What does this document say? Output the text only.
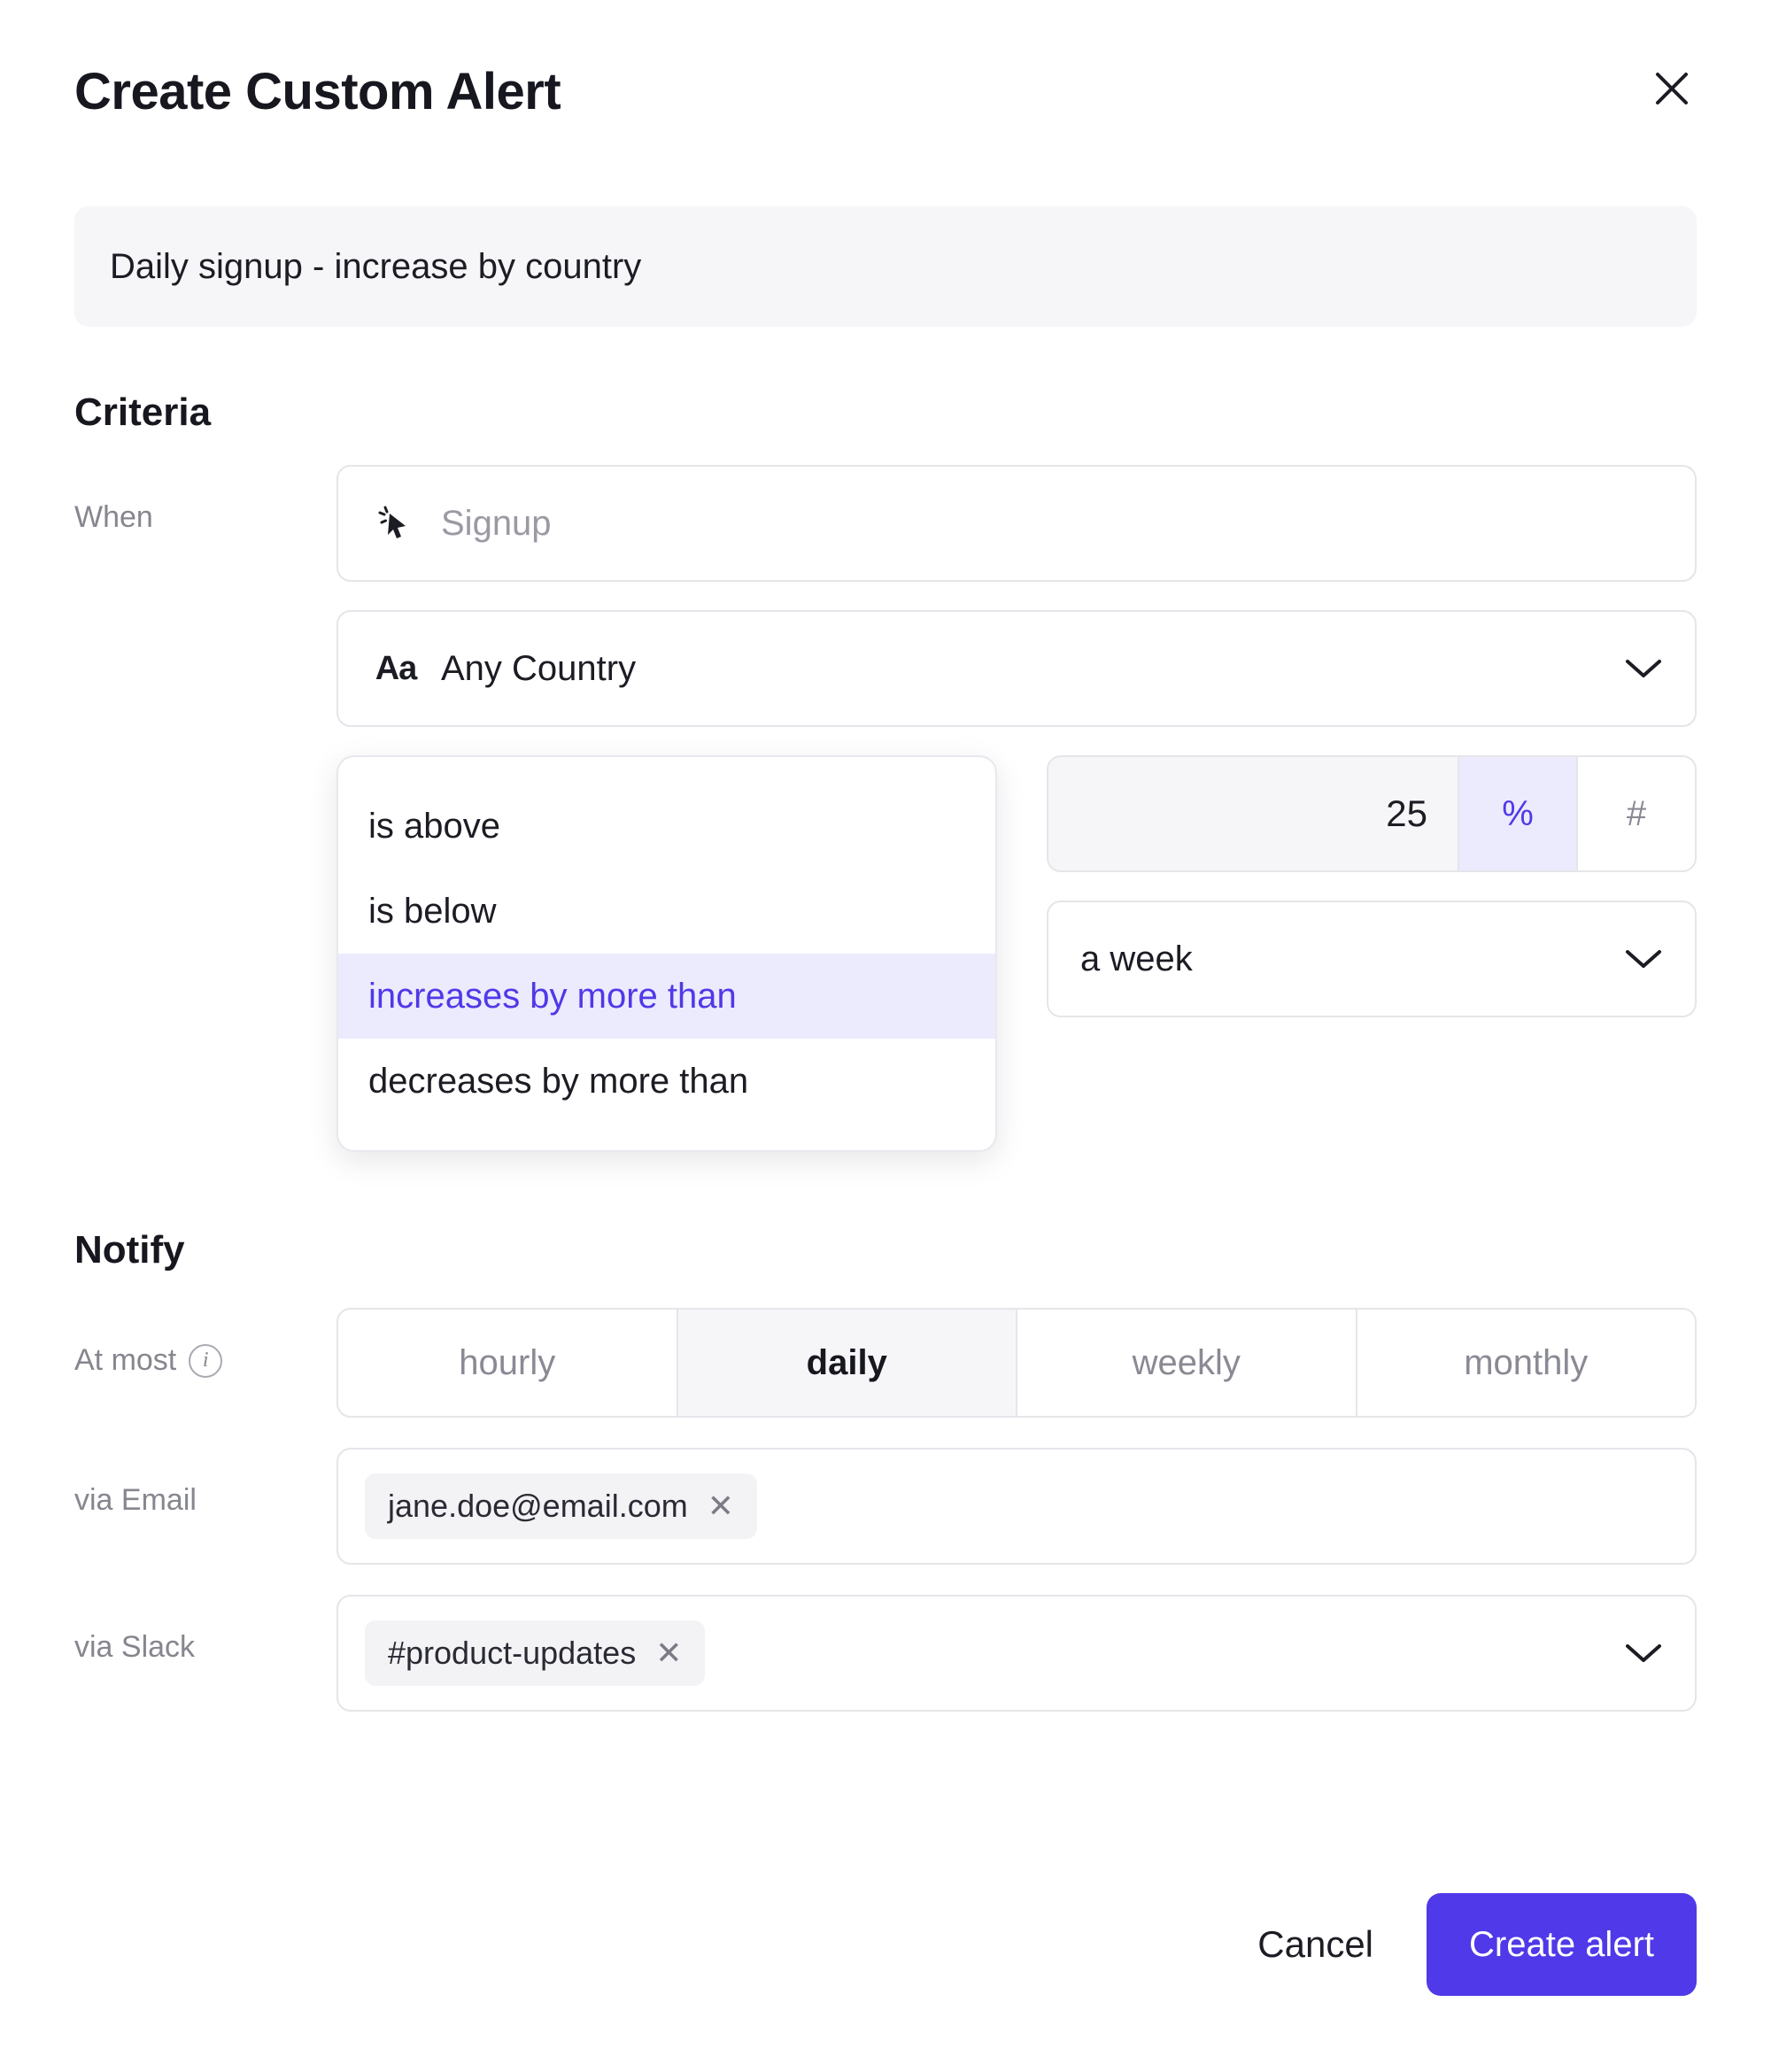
Create Custom Alert
Daily signup - increase by country
Criteria
When	Signup
Aa Any Country
is above
is below
increases by more than
decreases by more than
25	%	#
a week
Notify
At most	i	hourly	daily	weekly	monthly
via Email	jane.doe@email.com ✕
via Slack	#product-updates ✕
Cancel	Create alert
